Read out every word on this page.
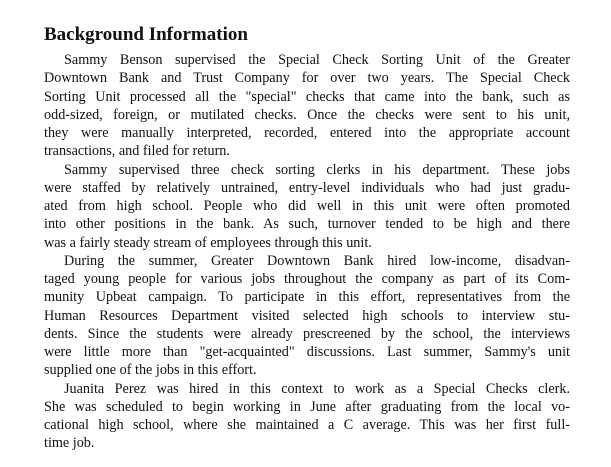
Background Information
Sammy Benson supervised the Special Check Sorting Unit of the Greater
Downtown Bank and Trust Company for over two years. The Special Check
Sorting Unit processed all the "special" checks that came into the bank, such as
odd-sized, foreign, or mutilated checks. Once the checks were sent to his unit,
they were manually interpreted, recorded, entered into the appropriate account
transactions, and filed for return.
Sammy supervised three check sorting clerks in his department. These jobs
were staffed by relatively untrained, entry-level individuals who had just gradu-
ated from high school. People who did well in this unit were often promoted
into other positions in the bank. As such, turnover tended to be high and there
was a fairly steady stream of employees through this unit.
During the summer, Greater Downtown Bank hired low-income, disadvan-
taged young people for various jobs throughout the company as part of its Com-
munity Upbeat campaign. To participate in this effort, representatives from the
Human Resources Department visited selected high schools to interview stu-
dents. Since the students were already prescreened by the school, the interviews
were little more than "get-acquainted" discussions. Last summer, Sammy's unit
supplied one of the jobs in this effort.
Juanita Perez was hired in this context to work as a Special Checks clerk.
She was scheduled to begin working in June after graduating from the local vo-
cational high school, where she maintained a C average. This was her first full-
time job.
